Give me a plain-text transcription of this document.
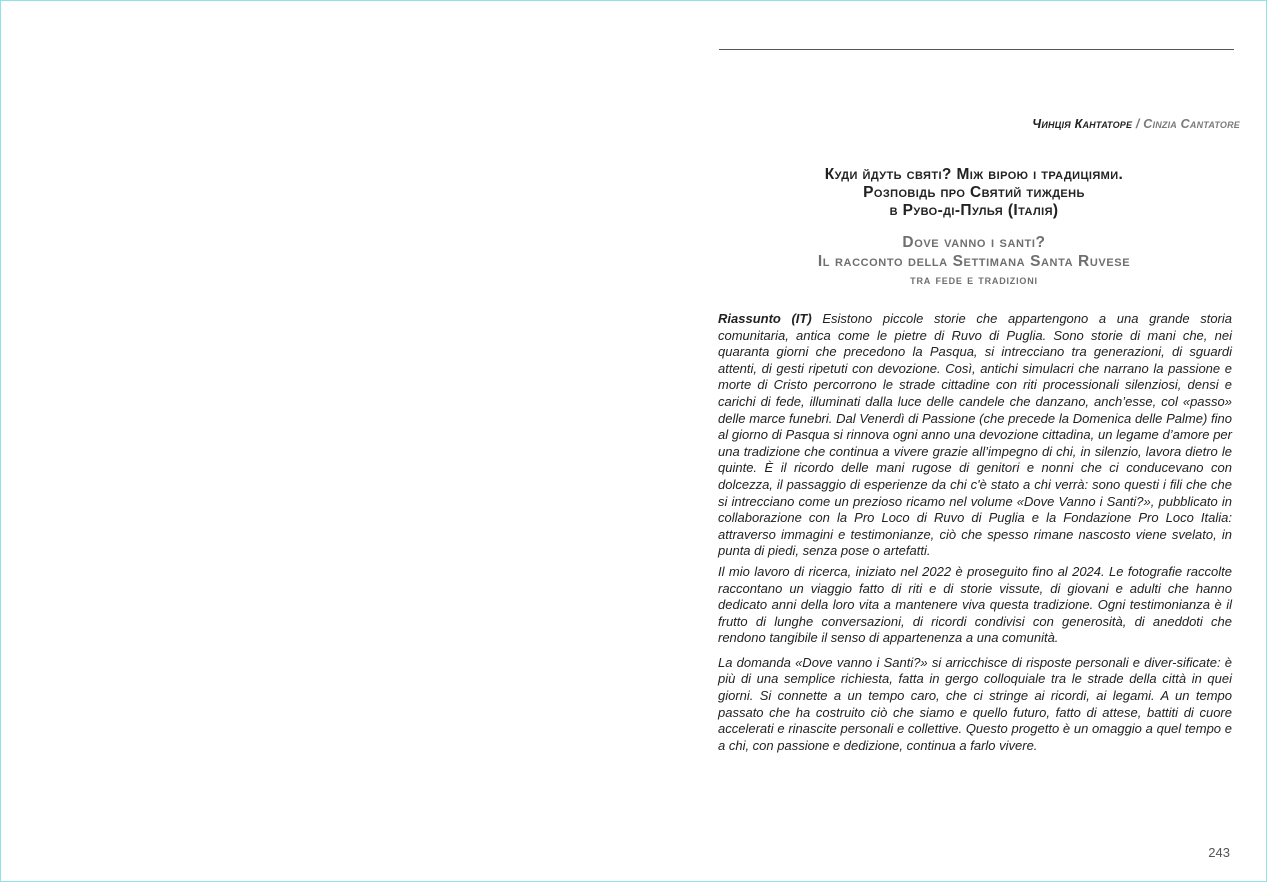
Чинція Кантаторе / Cinzia Cantatore
Куди йдуть святі? Між вірою і традиціями.
Розповідь про Святий тиждень
в Руво-ді-Пулья (Італія)
Dove vanno i santi?
Il racconto della Settimana Santa Ruvese
tra fede e tradizioni

Riassunto (IT) Esistono piccole storie che appartengono a una grande storia comunitaria, antica come le pietre di Ruvo di Puglia. Sono storie di mani che, nei quaranta giorni che precedono la Pasqua, si intrecciano tra generazioni, di sguardi attenti, di gesti ripetuti con devozione. Così, antichi simulacri che narrano la passione e morte di Cristo percorrono le strade cittadine con riti processionali silenziosi, densi e carichi di fede, illuminati dalla luce delle candele che danzano, anch’esse, col «passo» delle marce funebri. Dal Venerdì di Passione (che precede la Domenica delle Palme) fino al giorno di Pasqua si rinnova ogni anno una devozione cittadina, un legame d’amore per una tradizione che continua a vivere grazie all’impegno di chi, in silenzio, lavora dietro le quinte. È il ricordo delle mani rugose di genitori e nonni che ci conducevano con dolcezza, il passaggio di esperienze da chi c'è stato a chi verrà: sono questi i fili che che si intrecciano come un prezioso ricamo nel volume «Dove Vanno i Santi?», pubblicato in collaborazione con la Pro Loco di Ruvo di Puglia e la Fondazione Pro Loco Italia: attraverso immagini e testimonianze, ciò che spesso rimane nascosto viene svelato, in punta di piedi, senza pose o artefatti.

Il mio lavoro di ricerca, iniziato nel 2022 è proseguito fino al 2024. Le fotografie raccolte raccontano un viaggio fatto di riti e di storie vissute, di giovani e adulti che hanno dedicato anni della loro vita a mantenere viva questa tradizione. Ogni testimonianza è il frutto di lunghe conversazioni, di ricordi condivisi con generosità, di aneddoti che rendono tangibile il senso di appartenenza a una comunità.

La domanda «Dove vanno i Santi?» si arricchisce di risposte personali e diver-sificate: è più di una semplice richiesta, fatta in gergo colloquiale tra le strade della città in quei giorni. Si connette a un tempo caro, che ci stringe ai ricordi, ai legami. A un tempo passato che ha costruito ciò che siamo e quello futuro, fatto di attese, battiti di cuore accelerati e rinascite personali e collettive. Questo progetto è un omaggio a quel tempo e a chi, con passione e dedizione, continua a farlo vivere.

243
